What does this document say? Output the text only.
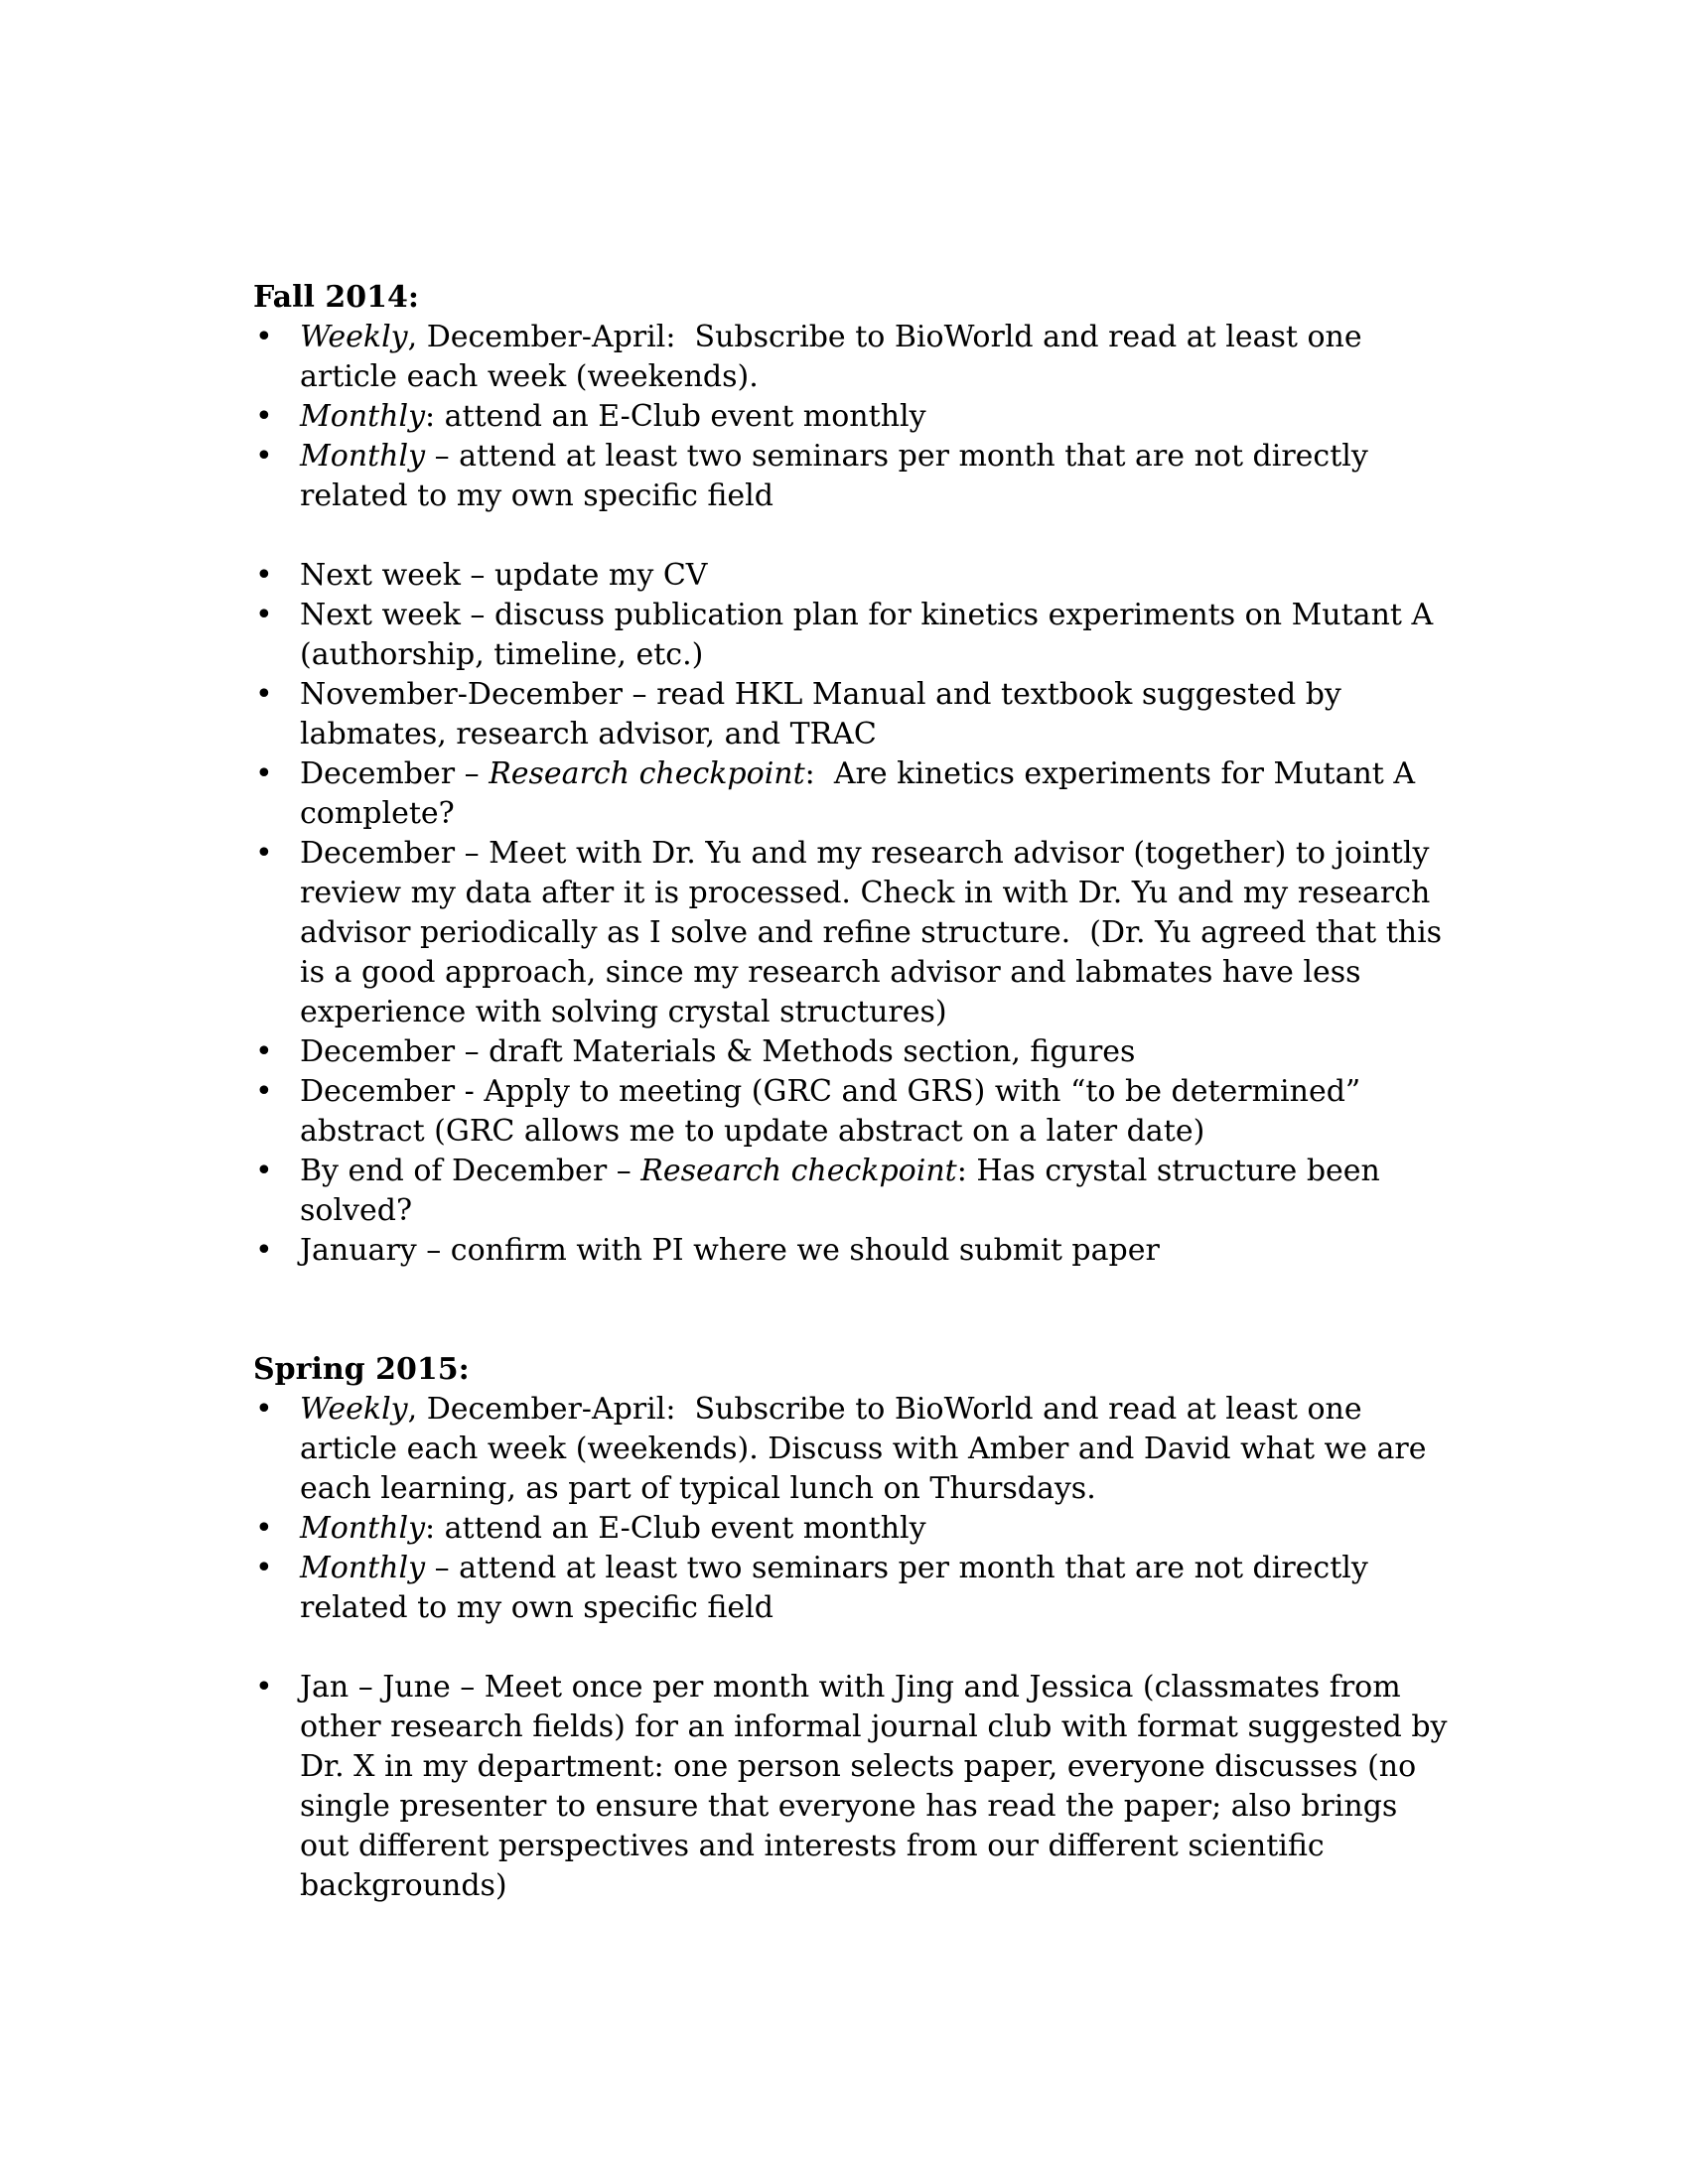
Fall 2014:
• Weekly, December-April:  Subscribe to BioWorld and read at least one article each week (weekends).
• Monthly: attend an E-Club event monthly
• Monthly – attend at least two seminars per month that are not directly related to my own specific field
• Next week – update my CV
• Next week – discuss publication plan for kinetics experiments on Mutant A (authorship, timeline, etc.)
• November-December – read HKL Manual and textbook suggested by labmates, research advisor, and TRAC
• December – Research checkpoint:  Are kinetics experiments for Mutant A complete?
• December – Meet with Dr. Yu and my research advisor (together) to jointly review my data after it is processed. Check in with Dr. Yu and my research advisor periodically as I solve and refine structure.  (Dr. Yu agreed that this is a good approach, since my research advisor and labmates have less experience with solving crystal structures)
• December – draft Materials & Methods section, figures
• December - Apply to meeting (GRC and GRS) with “to be determined” abstract (GRC allows me to update abstract on a later date)
• By end of December – Research checkpoint: Has crystal structure been solved?
• January – confirm with PI where we should submit paper
Spring 2015:
• Weekly, December-April:  Subscribe to BioWorld and read at least one article each week (weekends). Discuss with Amber and David what we are each learning, as part of typical lunch on Thursdays.
• Monthly: attend an E-Club event monthly
• Monthly – attend at least two seminars per month that are not directly related to my own specific field
• Jan – June – Meet once per month with Jing and Jessica (classmates from other research fields) for an informal journal club with format suggested by Dr. X in my department: one person selects paper, everyone discusses (no single presenter to ensure that everyone has read the paper; also brings out different perspectives and interests from our different scientific backgrounds)
